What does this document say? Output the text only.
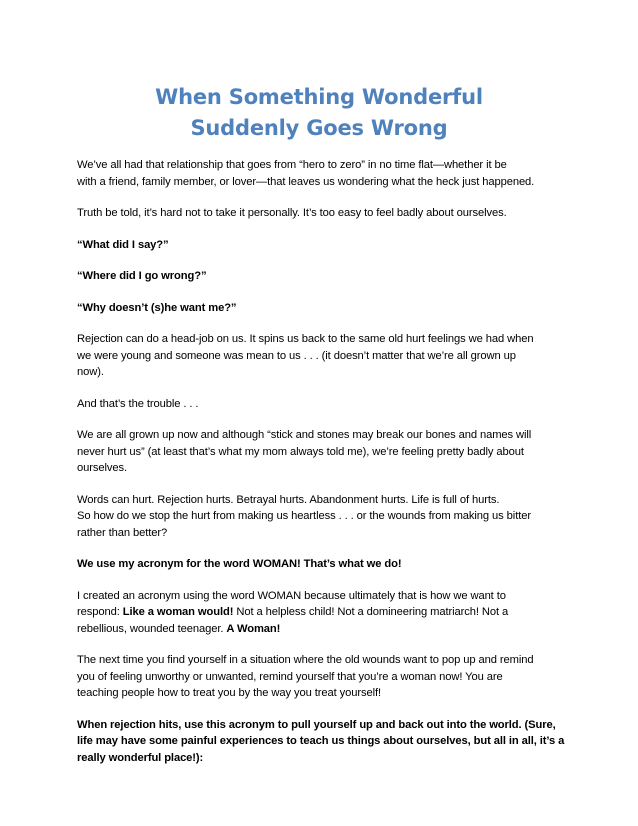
When Something Wonderful
Suddenly Goes Wrong

We’ve all had that relationship that goes from “hero to zero” in no time flat—whether it be
with a friend, family member, or lover—that leaves us wondering what the heck just happened.

Truth be told, it’s hard not to take it personally. It’s too easy to feel badly about ourselves.

“What did I say?”

“Where did I go wrong?”

“Why doesn’t (s)he want me?”

Rejection can do a head-job on us. It spins us back to the same old hurt feelings we had when
we were young and someone was mean to us . . . (it doesn’t matter that we’re all grown up
now).

And that’s the trouble . . .

We are all grown up now and although “stick and stones may break our bones and names will
never hurt us” (at least that’s what my mom always told me), we’re feeling pretty badly about
ourselves.

Words can hurt. Rejection hurts. Betrayal hurts. Abandonment hurts. Life is full of hurts.
So how do we stop the hurt from making us heartless . . . or the wounds from making us bitter
rather than better?

We use my acronym for the word WOMAN! That’s what we do!

I created an acronym using the word WOMAN because ultimately that is how we want to
respond: Like a woman would! Not a helpless child! Not a domineering matriarch! Not a
rebellious, wounded teenager. A Woman!

The next time you find yourself in a situation where the old wounds want to pop up and remind
you of feeling unworthy or unwanted, remind yourself that you’re a woman now! You are
teaching people how to treat you by the way you treat yourself!

When rejection hits, use this acronym to pull yourself up and back out into the world. (Sure,
life may have some painful experiences to teach us things about ourselves, but all in all, it’s a
really wonderful place!):
